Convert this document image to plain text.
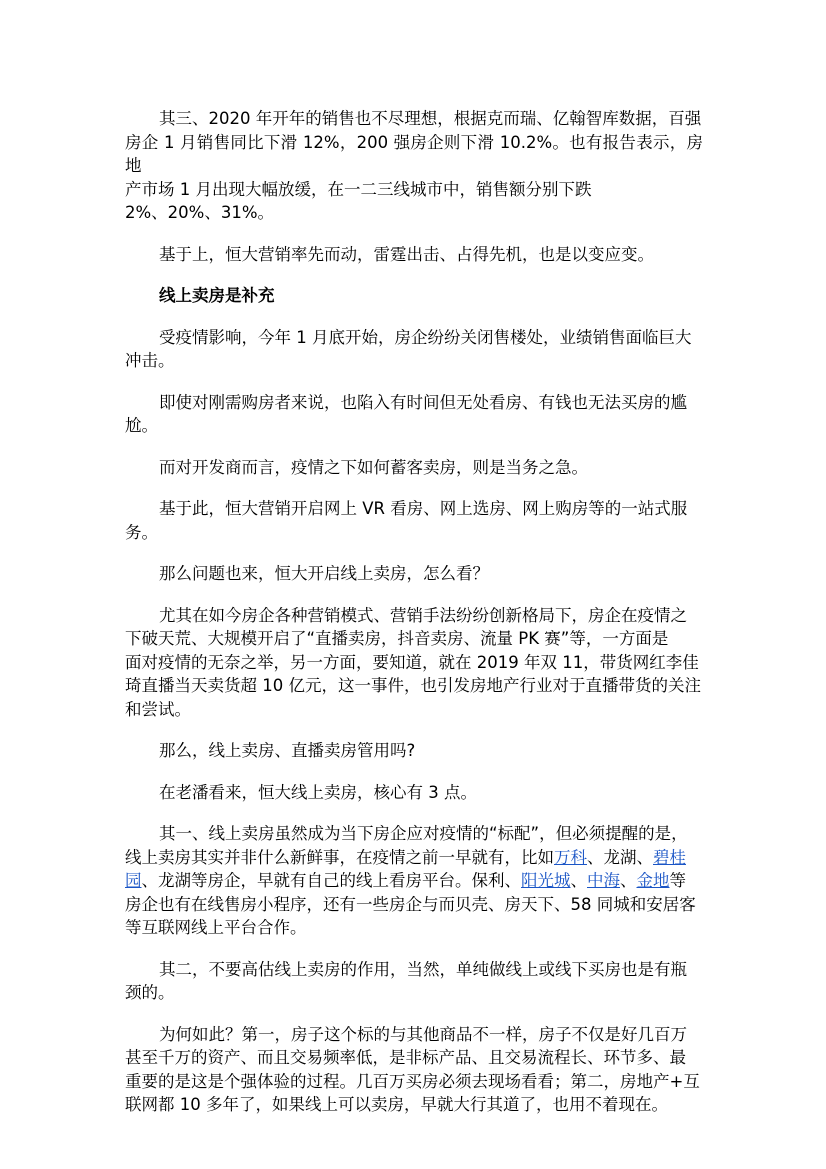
其三、2020 年开年的销售也不尽理想，根据克而瑞、亿翰智库数据，百强
房企 1 月销售同比下滑 12%，200 强房企则下滑 10.2%。也有报告表示，房地
产市场 1 月出现大幅放缓，在一二三线城市中，销售额分别下跌
2%、20%、31%。

基于上，恒大营销率先而动，雷霆出击、占得先机，也是以变应变。

线上卖房是补充

受疫情影响，今年 1 月底开始，房企纷纷关闭售楼处，业绩销售面临巨大
冲击。

即使对刚需购房者来说，也陷入有时间但无处看房、有钱也无法买房的尴
尬。

而对开发商而言，疫情之下如何蓄客卖房，则是当务之急。

基于此，恒大营销开启网上 VR 看房、网上选房、网上购房等的一站式服
务。

那么问题也来，恒大开启线上卖房，怎么看？

尤其在如今房企各种营销模式、营销手法纷纷创新格局下，房企在疫情之
下破天荒、大规模开启了“直播卖房，抖音卖房、流量 PK 赛”等，一方面是
面对疫情的无奈之举，另一方面，要知道，就在 2019 年双 11，带货网红李佳
琦直播当天卖货超 10 亿元，这一事件，也引发房地产行业对于直播带货的关注
和尝试。

那么，线上卖房、直播卖房管用吗?

在老潘看来，恒大线上卖房，核心有 3 点。

其一、线上卖房虽然成为当下房企应对疫情的“标配”，但必须提醒的是，
线上卖房其实并非什么新鲜事，在疫情之前一早就有，比如万科、龙湖、碧桂
园、龙湖等房企，早就有自己的线上看房平台。保利、阳光城、中海、金地等
房企也有在线售房小程序，还有一些房企与而贝壳、房天下、58 同城和安居客
等互联网线上平台合作。

其二，不要高估线上卖房的作用，当然，单纯做线上或线下买房也是有瓶
颈的。

为何如此？第一，房子这个标的与其他商品不一样，房子不仅是好几百万
甚至千万的资产、而且交易频率低，是非标产品、且交易流程长、环节多、最
重要的是这是个强体验的过程。几百万买房必须去现场看看；第二，房地产+互
联网都 10 多年了，如果线上可以卖房，早就大行其道了，也用不着现在。
